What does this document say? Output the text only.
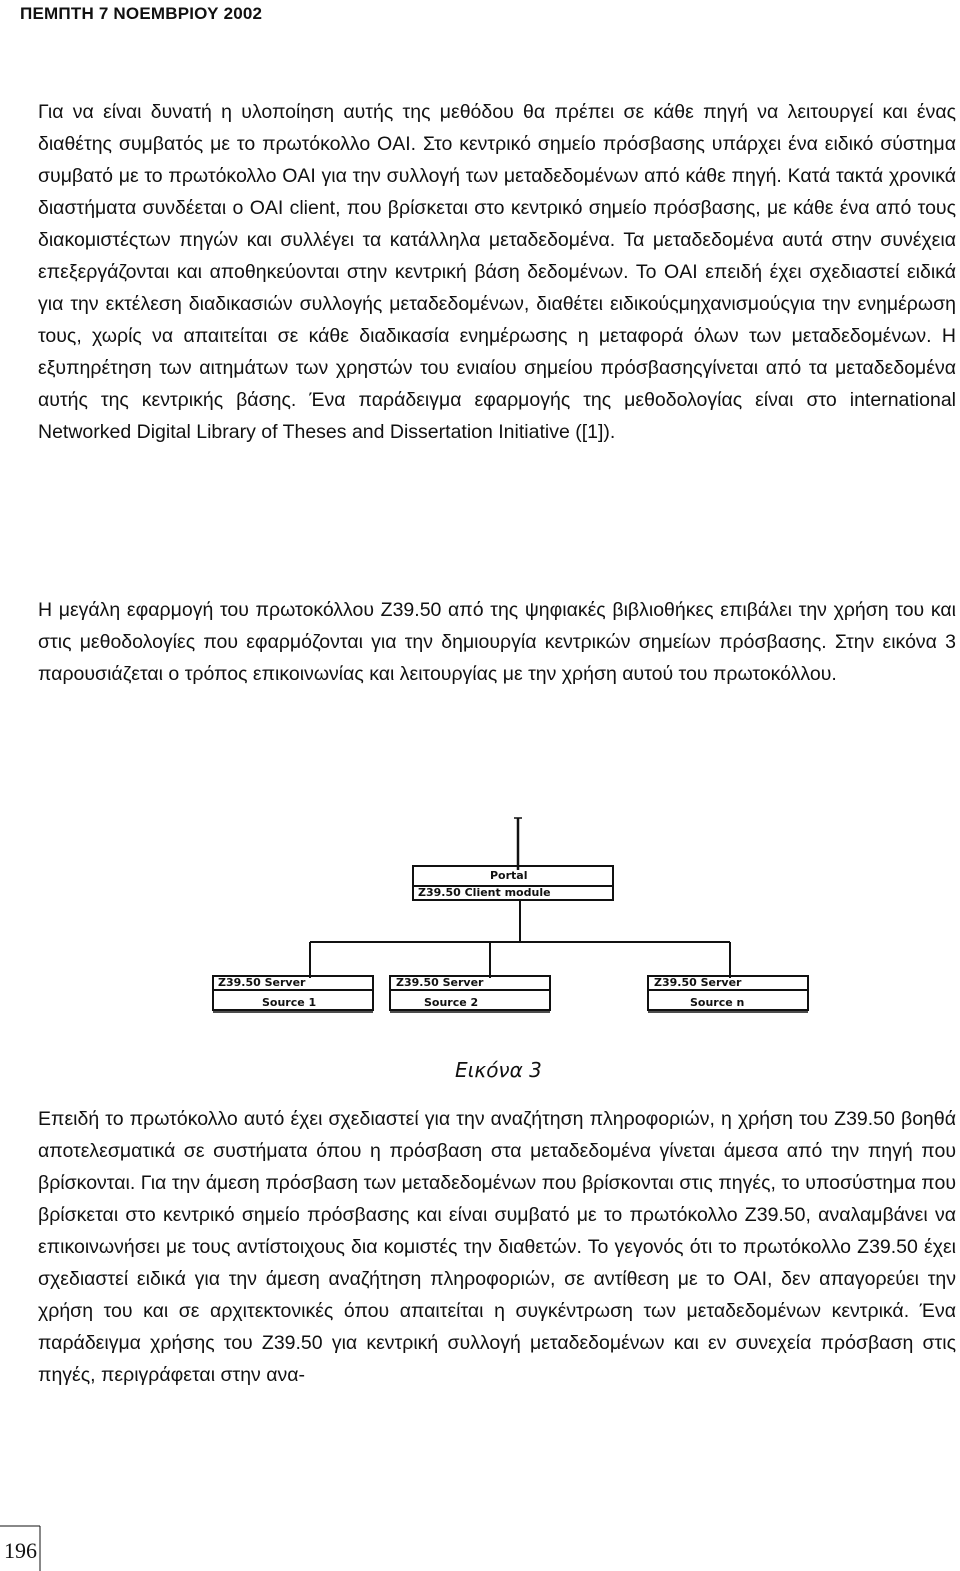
ΠΕΜΠΤΗ 7 ΝΟΕΜΒΡΙΟΥ 2002

Για να είναι δυνατή η υλοποίηση αυτής της μεθόδου θα πρέπει σε κάθε πηγή να λειτουργεί και ένας διαθέτης συμβατός με το πρωτόκολλο OAI. Στο κεντρικό σημείο πρόσβασης υπάρχει ένα ειδικό σύστημα συμβατό με το πρωτόκολλο OAI για την συλλογή των μεταδεδομένων από κάθε πηγή. Κατά τακτά χρονικά διαστήματα συνδέεται ο OAI client, που βρίσκεται στο κεντρικό σημείο πρόσβασης, με κάθε ένα από τους διακομιστέςτων πηγών και συλλέγει τα κατάλληλα μεταδεδομένα. Τα μεταδεδομένα αυτά στην συνέχεια επεξεργάζονται και αποθηκεύονται στην κεντρική βάση δεδομένων. Το OAI επειδή έχει σχεδιαστεί ειδικά για την εκτέλεση διαδικασιών συλλογής μεταδεδομένων, διαθέτει ειδικούςμηχανισμούςγια την ενημέρωση τους, χωρίς να απαιτείται σε κάθε διαδικασία ενημέρωσης η μεταφορά όλων των μεταδεδομένων. Η εξυπηρέτηση των αιτημάτων των χρηστών του ενιαίου σημείου πρόσβασηςγίνεται από τα μεταδεδομένα αυτής της κεντρικής βάσης. Ένα παράδειγμα εφαρμογής της μεθοδολογίας είναι στο international Networked Digital Library of Theses and Dissertation Initiative ([1]).

Η μεγάλη εφαρμογή του πρωτοκόλλου Z39.50 από της ψηφιακές βιβλιοθήκες επιβάλει την χρήση του και στις μεθοδολογίες που εφαρμόζονται για την δημιουργία κεντρικών σημείων πρόσβασης. Στην εικόνα 3 παρουσιάζεται ο τρόπος επικοινωνίας και λειτουργίας με την χρήση αυτού του πρωτοκόλλου.

Portal
Z39.50 Client module
Z39.50 Server
Source 1
Z39.50 Server
Source 2
Z39.50 Server
Source n
Εικόνα 3

Επειδή το πρωτόκολλο αυτό έχει σχεδιαστεί για την αναζήτηση πληροφοριών, η χρήση του Z39.50 βοηθά αποτελεσματικά σε συστήματα όπου η πρόσβαση στα μεταδεδομένα γίνεται άμεσα από την πηγή που βρίσκονται. Για την άμεση πρόσβαση των μεταδεδομένων που βρίσκονται στις πηγές, το υποσύστημα που βρίσκεται στο κεντρικό σημείο πρόσβασης και είναι συμβατό με το πρωτόκολλο Z39.50, αναλαμβάνει να επικοινωνήσει με τους αντίστοιχους δια κομιστές την διαθετών. Το γεγονός ότι το πρωτόκολλο Z39.50 έχει σχεδιαστεί ειδικά για την άμεση αναζήτηση πληροφοριών, σε αντίθεση με το OAI, δεν απαγορεύει την χρήση του και σε αρχιτεκτονικές όπου απαιτείται η συγκέντρωση των μεταδεδομένων κεντρικά. Ένα παράδειγμα χρήσης του Z39.50 για κεντρική συλλογή μεταδεδομένων και εν συνεχεία πρόσβαση στις πηγές, περιγράφεται στην ανα-

196
